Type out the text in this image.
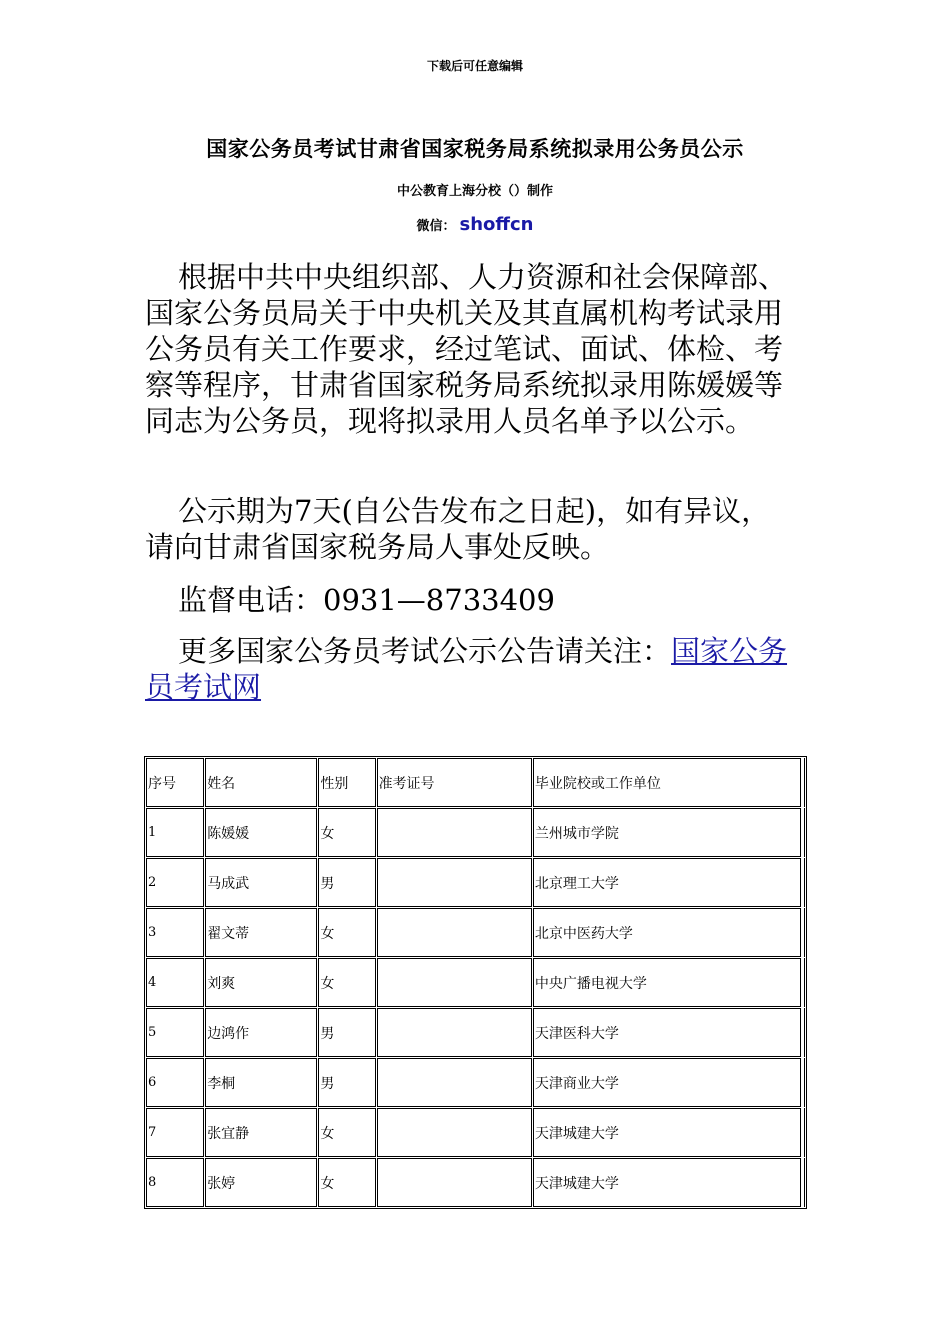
下载后可任意编辑
国家公务员考试甘肃省国家税务局系统拟录用公务员公示
中公教育上海分校（）制作
微信： shoffcn
根据中共中央组织部、人力资源和社会保障部、国家公务员局关于中央机关及其直属机构考试录用公务员有关工作要求，经过笔试、面试、体检、考察等程序，甘肃省国家税务局系统拟录用陈媛媛等同志为公务员，现将拟录用人员名单予以公示。
公示期为7天(自公告发布之日起)，如有异议，请向甘肃省国家税务局人事处反映。
监督电话：0931—8733409
更多国家公务员考试公示公告请关注：国家公务员考试网
序号	姓名	性别	准考证号	毕业院校或工作单位	
1	陈媛媛	女		兰州城市学院	
2	马成武	男		北京理工大学	
3	翟文蒂	女		北京中医药大学	
4	刘爽	女		中央广播电视大学	
5	边鸿作	男		天津医科大学	
6	李桐	男		天津商业大学	
7	张宜静	女		天津城建大学	
8	张婷	女		天津城建大学	
